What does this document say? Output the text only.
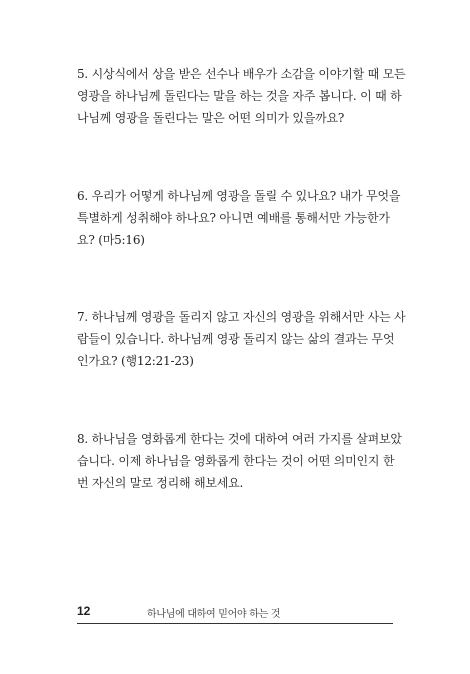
5. 시상식에서 상을 받은 선수나 배우가 소감을 이야기할 때 모든
영광을 하나님께 돌린다는 말을 하는 것을 자주 봅니다. 이 때 하
나님께 영광을 돌린다는 말은 어떤 의미가 있을까요?

6. 우리가 어떻게 하나님께 영광을 돌릴 수 있나요? 내가 무엇을
특별하게 성취해야 하나요? 아니면 예배를 통해서만 가능한가
요? (마5:16)

7. 하나님께 영광을 돌리지 않고 자신의 영광을 위해서만 사는 사
람들이 있습니다. 하나님께 영광 돌리지 않는 삶의 결과는 무엇
인가요? (행12:21-23)

8. 하나님을 영화롭게 한다는 것에 대하여 여러 가지를 살펴보았
습니다. 이제 하나님을 영화롭게 한다는 것이 어떤 의미인지 한
번 자신의 말로 정리해 해보세요.

12	하나님에 대하여 믿어야 하는 것
